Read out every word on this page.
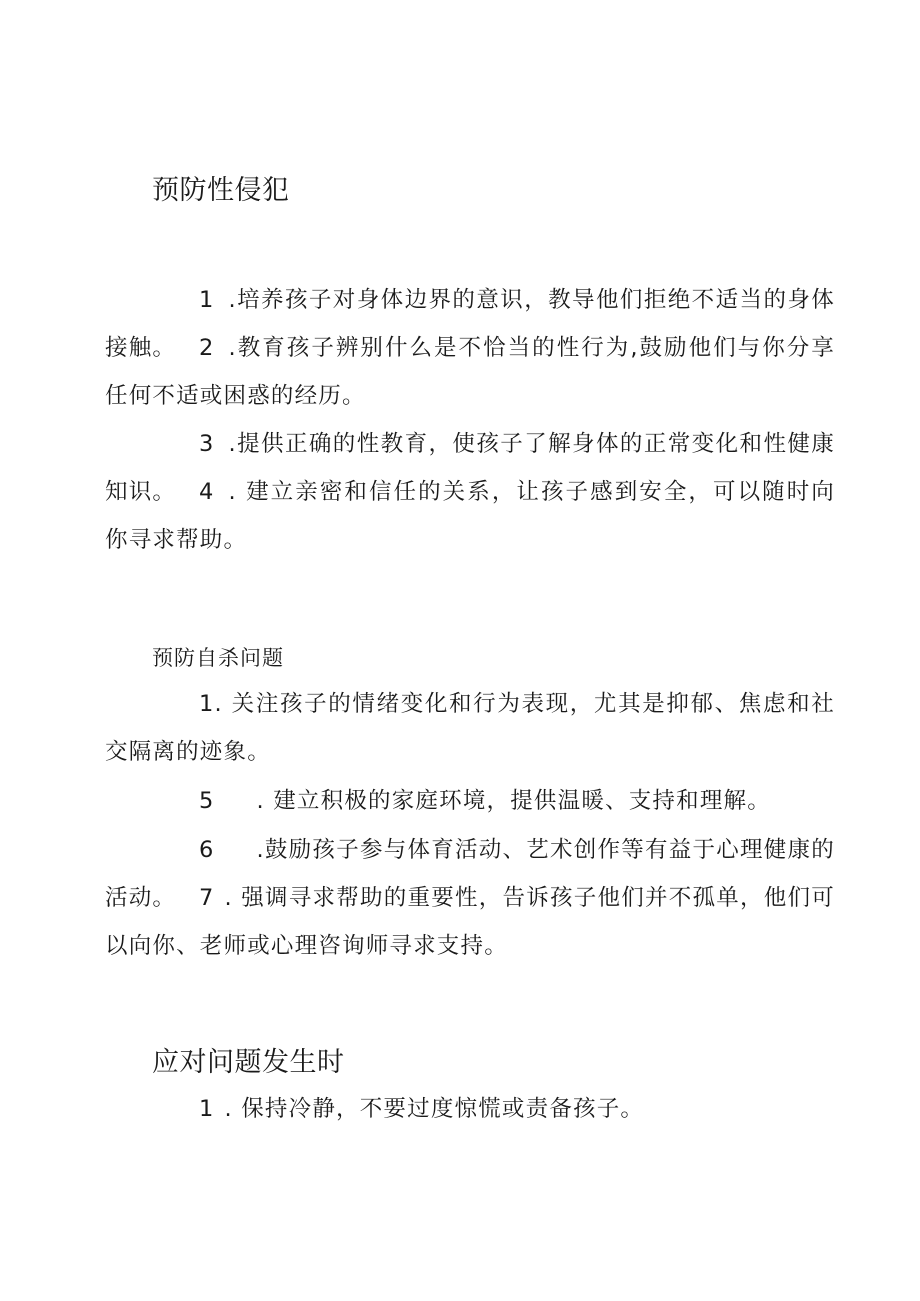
预防性侵犯

1 .培养孩子对身体边界的意识，教导他们拒绝不适当的身体接触。	2 .教育孩子辨别什么是不恰当的性行为,鼓励他们与你分享任何不适或困惑的经历。

3 .提供正确的性教育，使孩子了解身体的正常变化和性健康知识。	4 . 建立亲密和信任的关系，让孩子感到安全，可以随时向你寻求帮助。

预防自杀问题

1. 关注孩子的情绪变化和行为表现，尤其是抑郁、焦虑和社交隔离的迹象。

5 . 建立积极的家庭环境，提供温暖、支持和理解。

6 .鼓励孩子参与体育活动、艺术创作等有益于心理健康的活动。	7 . 强调寻求帮助的重要性，告诉孩子他们并不孤单，他们可以向你、老师或心理咨询师寻求支持。

应对问题发生时

1 . 保持冷静，不要过度惊慌或责备孩子。
